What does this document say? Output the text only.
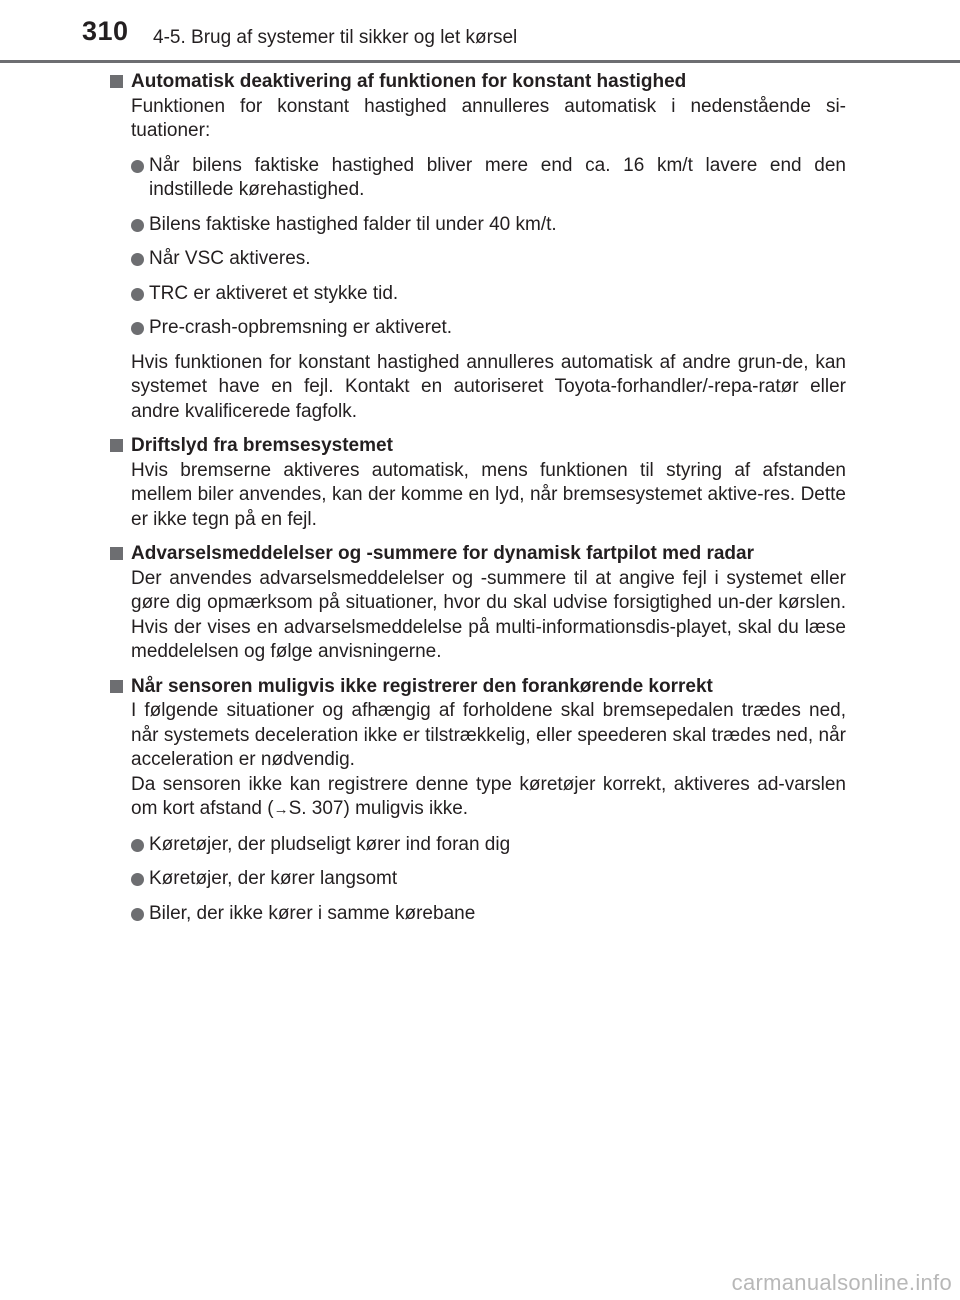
310 4-5. Brug af systemer til sikker og let kørsel
Automatisk deaktivering af funktionen for konstant hastighed
Funktionen for konstant hastighed annulleres automatisk i nedenstående si-tuationer:
Når bilens faktiske hastighed bliver mere end ca. 16 km/t lavere end den indstillede kørehastighed.
Bilens faktiske hastighed falder til under 40 km/t.
Når VSC aktiveres.
TRC er aktiveret et stykke tid.
Pre-crash-opbremsning er aktiveret.
Hvis funktionen for konstant hastighed annulleres automatisk af andre grun-de, kan systemet have en fejl. Kontakt en autoriseret Toyota-forhandler/-repa-ratør eller andre kvalificerede fagfolk.
Driftslyd fra bremsesystemet
Hvis bremserne aktiveres automatisk, mens funktionen til styring af afstanden mellem biler anvendes, kan der komme en lyd, når bremsesystemet aktive-res. Dette er ikke tegn på en fejl.
Advarselsmeddelelser og -summere for dynamisk fartpilot med radar
Der anvendes advarselsmeddelelser og -summere til at angive fejl i systemet eller gøre dig opmærksom på situationer, hvor du skal udvise forsigtighed un-der kørslen. Hvis der vises en advarselsmeddelelse på multi-informationsdis-playet, skal du læse meddelelsen og følge anvisningerne.
Når sensoren muligvis ikke registrerer den forankørende korrekt
I følgende situationer og afhængig af forholdene skal bremsepedalen trædes ned, når systemets deceleration ikke er tilstrækkelig, eller speederen skal trædes ned, når acceleration er nødvendig.
Da sensoren ikke kan registrere denne type køretøjer korrekt, aktiveres ad-varslen om kort afstand (→S. 307) muligvis ikke.
Køretøjer, der pludseligt kører ind foran dig
Køretøjer, der kører langsomt
Biler, der ikke kører i samme kørebane
carmanualsonline.info
